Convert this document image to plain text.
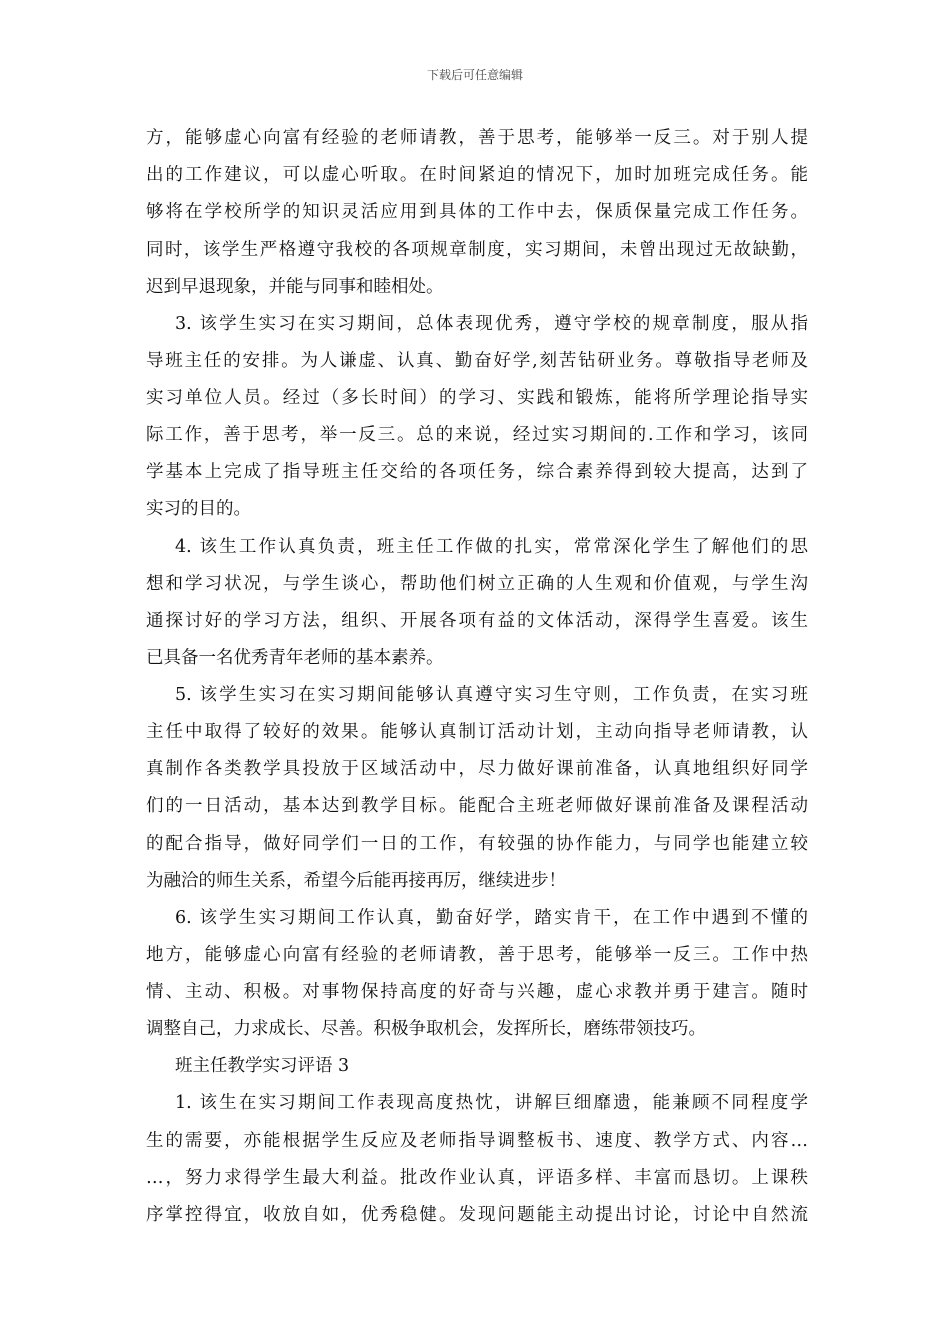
下载后可任意编辑
方，能够虚心向富有经验的老师请教，善于思考，能够举一反三。对于别人提
出的工作建议，可以虚心听取。在时间紧迫的情况下，加时加班完成任务。能
够将在学校所学的知识灵活应用到具体的工作中去，保质保量完成工作任务。
同时，该学生严格遵守我校的各项规章制度，实习期间，未曾出现过无故缺勤，
迟到早退现象，并能与同事和睦相处。
3. 该学生实习在实习期间，总体表现优秀，遵守学校的规章制度，服从指
导班主任的安排。为人谦虚、认真、勤奋好学,刻苦钻研业务。尊敬指导老师及
实习单位人员。经过（多长时间）的学习、实践和锻炼，能将所学理论指导实
际工作，善于思考，举一反三。总的来说，经过实习期间的.工作和学习，该同
学基本上完成了指导班主任交给的各项任务，综合素养得到较大提高，达到了
实习的目的。
4. 该生工作认真负责，班主任工作做的扎实，常常深化学生了解他们的思
想和学习状况，与学生谈心，帮助他们树立正确的人生观和价值观，与学生沟
通探讨好的学习方法，组织、开展各项有益的文体活动，深得学生喜爱。该生
已具备一名优秀青年老师的基本素养。
5. 该学生实习在实习期间能够认真遵守实习生守则，工作负责，在实习班
主任中取得了较好的效果。能够认真制订活动计划，主动向指导老师请教，认
真制作各类教学具投放于区域活动中，尽力做好课前准备，认真地组织好同学
们的一日活动，基本达到教学目标。能配合主班老师做好课前准备及课程活动
的配合指导，做好同学们一日的工作，有较强的协作能力，与同学也能建立较
为融洽的师生关系，希望今后能再接再厉，继续进步！
6. 该学生实习期间工作认真，勤奋好学，踏实肯干，在工作中遇到不懂的
地方，能够虚心向富有经验的老师请教，善于思考，能够举一反三。工作中热
情、主动、积极。对事物保持高度的好奇与兴趣，虚心求教并勇于建言。随时
调整自己，力求成长、尽善。积极争取机会，发挥所长，磨练带领技巧。
班主任教学实习评语 3
1. 该生在实习期间工作表现高度热忱，讲解巨细靡遗，能兼顾不同程度学
生的需要，亦能根据学生反应及老师指导调整板书、速度、教学方式、内容…
…，努力求得学生最大利益。批改作业认真，评语多样、丰富而恳切。上课秩
序掌控得宜，收放自如，优秀稳健。发现问题能主动提出讨论，讨论中自然流
